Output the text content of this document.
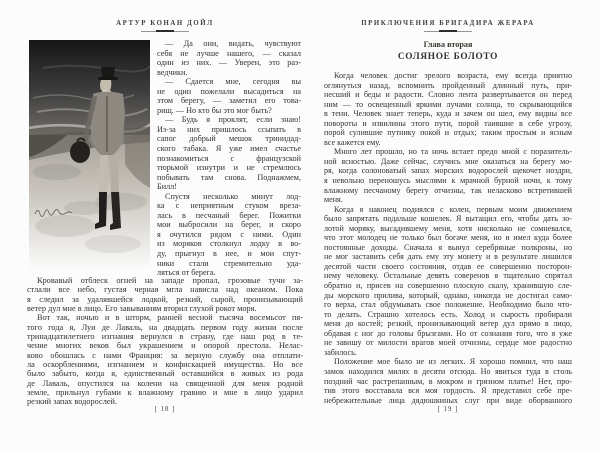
АРТУР КОНАН ДОЙЛ
— Да они, видать, чувствуют
себя не лучше нашего, — сказал
один из них. — Уверен, это раз-
ведчики.
— Сдается мне, сегодня вы
не один пожелали высадиться на
этом берегу, — заметил его това-
рищ. — Но кто бы это мог быть?
— Будь я проклят, если знаю!
Из-за них пришлось ссыпать в
сапог добрый мешок тринидад-
ского табака. Я уже имел счастье
познакомиться с французской
тюрьмой изнутри и не стремлюсь
побывать там снова. Поднажмем,
Билл!
Спустя несколько минут лод-
ка с неприятным стуком вреза-
лась в песчаный берег. Пожитки
мои выбросили на берег, и скоро
я очутился рядом с ними. Один
из моряков столкнул лодку в во-
ду, прыгнул в нее, и мои спут-
ники стали стремительно уда-
ляться от берега.
Кровавый отблеск огней на западе пропал, грозовые тучи за-
стлали все небо, густая черная мгла нависла над океаном. Пока
я следил за удалявшейся лодкой, резкий, сырой, пронизывающий
ветер дул мне в лицо. Его завываниям вторил глухой рокот моря.
Вот так, ночью и в шторм, ранней весной тысяча восемьсот пя-
того года я, Луи де Лаваль, на двадцать первом году жизни после
тринадцатилетнего изгнания вернулся в страну, где наш род в те-
чение многих веков был украшением и опорой престола. Нелас-
ково обошлась с нами Франция: за верную службу она отплати-
ла оскорблениями, изгнанием и конфискацией имущества. Но все
было забыто, когда я, единственный оставшийся в живых из рода
де Лаваль, опустился на колени на священной для меня родной
земле, прильнул губами к влажному гравию и мне в лицо ударил
резкий запах водорослей.
[ 18 ]
ПРИКЛЮЧЕНИЯ БРИГАДИРА ЖЕРАРА
Глава вторая
СОЛЯНОЕ БОЛОТО
Когда человек достиг зрелого возраста, ему всегда приятно
оглянуться назад, вспомнить пройденный длинный путь, при-
несший и беды и радости. Словно лента развертывается он перед
ним — то освещенный яркими лучами солнца, то скрывающийся
в тени. Человек знает теперь, куда и зачем он шел, ему видны все
повороты и извилины этого пути, порой таившие в себе угрозу,
порой сулившие путнику покой и отдых; таким простым и ясным
все кажется ему.
Много лет прошло, но та ночь встает предо мной с поразитель-
ной ясностью. Даже сейчас, случись мне оказаться на берегу мо-
ря, когда солоноватый запах морских водорослей щекочет ноздри,
я невольно переношусь мыслями к мрачной бурной ночи, к тому
влажному песчаному берегу отчизны, так неласково встретившей
меня.
Когда я наконец поднялся с колен, первым моим движением
было запрятать подальше кошелек. Я вытащил его, чтобы дать зо-
лотой моряку, высадившему меня, хотя нисколько не сомневался,
что этот молодец не только был богаче меня, но и имел куда более
постоянные доходы. Сначала я вынул серебряные полкроны, но
не мог заставить себя дать ему эту монету и в результате лишился
десятой части своего состояния, отдав ее совершенно посторон-
нему человеку. Остальные девять соверенов я тщательно спрятал
обратно и, присев на совершенно плоскую скалу, хранившую сле-
ды морского прилива, который, однако, никогда не достигал само-
го верха, стал обдумывать свое положение. Необходимо было что-
то делать. Страшно хотелось есть. Холод и сырость пробирали
меня до костей; резкий, пронизывающий ветер дул прямо в лицо,
обдавая с ног до головы брызгами. Но от сознания того, что я уже
не завишу от милости врагов моей отчизны, сердце мое радостно
забилось.
Положение мое было не из легких. Я хорошо помнил, что наш
замок находился милях в десяти отсюда. Но явиться туда в столь
поздний час растрепанным, в мокром и грязном платье! Нет, про-
тив этого восставала вся моя гордость. Я представил себе пре-
небрежительные лица дядюшкиных слуг при виде оборванного
[ 19 ]
